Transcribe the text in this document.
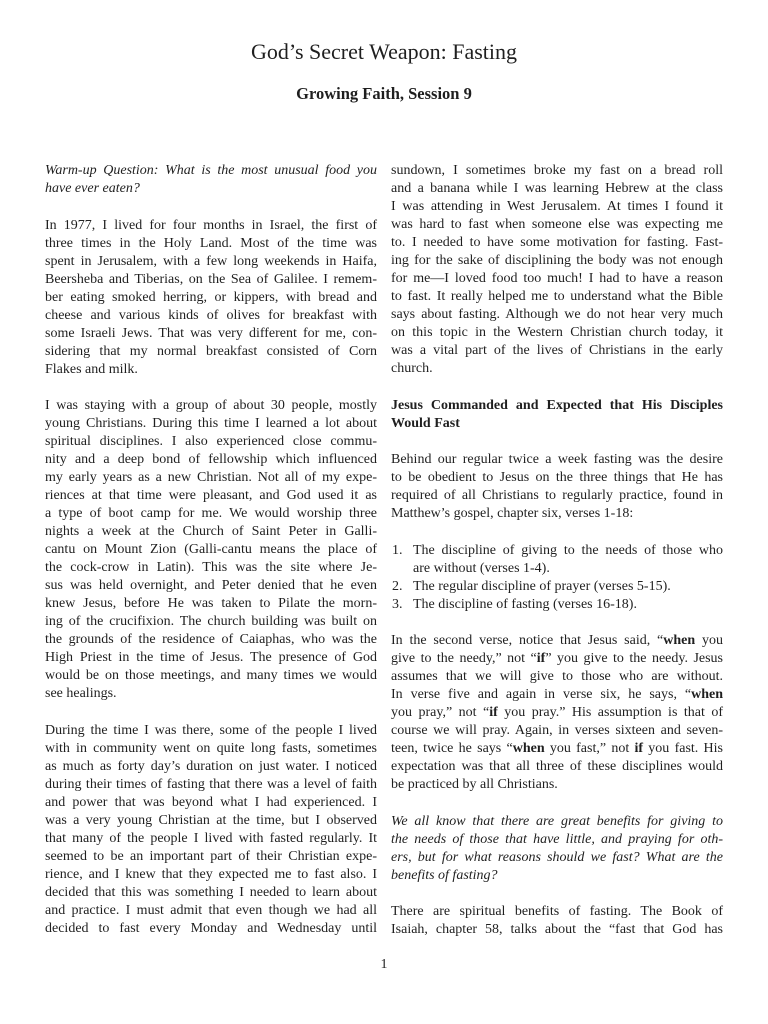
God’s Secret Weapon: Fasting

Growing Faith, Session 9

Warm-up Question: What is the most unusual food you
have ever eaten?
In 1977, I lived for four months in Israel, the first of
three times in the Holy Land. Most of the time was
spent in Jerusalem, with a few long weekends in Haifa,
Beersheba and Tiberias, on the Sea of Galilee. I remem-
ber eating smoked herring, or kippers, with bread and
cheese and various kinds of olives for breakfast with
some Israeli Jews. That was very different for me, con-
sidering that my normal breakfast consisted of Corn
Flakes and milk.
I was staying with a group of about 30 people, mostly
young Christians. During this time I learned a lot about
spiritual disciplines. I also experienced close commu-
nity and a deep bond of fellowship which influenced
my early years as a new Christian. Not all of my expe-
riences at that time were pleasant, and God used it as
a type of boot camp for me. We would worship three
nights a week at the Church of Saint Peter in Galli-
cantu on Mount Zion (Galli-cantu means the place of
the cock-crow in Latin). This was the site where Je-
sus was held overnight, and Peter denied that he even
knew Jesus, before He was taken to Pilate the morn-
ing of the crucifixion. The church building was built on
the grounds of the residence of Caiaphas, who was the
High Priest in the time of Jesus. The presence of God
would be on those meetings, and many times we would
see healings.
During the time I was there, some of the people I lived
with in community went on quite long fasts, sometimes
as much as forty day’s duration on just water. I noticed
during their times of fasting that there was a level of faith
and power that was beyond what I had experienced. I
was a very young Christian at the time, but I observed
that many of the people I lived with fasted regularly. It
seemed to be an important part of their Christian expe-
rience, and I knew that they expected me to fast also. I
decided that this was something I needed to learn about
and practice. I must admit that even though we had all
decided to fast every Monday and Wednesday until
sundown, I sometimes broke my fast on a bread roll
and a banana while I was learning Hebrew at the class
I was attending in West Jerusalem. At times I found it
was hard to fast when someone else was expecting me
to. I needed to have some motivation for fasting. Fast-
ing for the sake of disciplining the body was not enough
for me—I loved food too much! I had to have a reason
to fast. It really helped me to understand what the Bible
says about fasting. Although we do not hear very much
on this topic in the Western Christian church today, it
was a vital part of the lives of Christians in the early
church.
Jesus Commanded and Expected that His Disciples
Would Fast
Behind our regular twice a week fasting was the desire
to be obedient to Jesus on the three things that He has
required of all Christians to regularly practice, found in
Matthew’s gospel, chapter six, verses 1-18:
1. The discipline of giving to the needs of those who
are without (verses 1-4).
2. The regular discipline of prayer (verses 5-15).
3. The discipline of fasting (verses 16-18).
In the second verse, notice that Jesus said, “when you
give to the needy,” not “if” you give to the needy. Jesus
assumes that we will give to those who are without.
In verse five and again in verse six, he says, “when
you pray,” not “if you pray.” His assumption is that of
course we will pray. Again, in verses sixteen and seven-
teen, twice he says “when you fast,” not if you fast. His
expectation was that all three of these disciplines would
be practiced by all Christians.
We all know that there are great benefits for giving to
the needs of those that have little, and praying for oth-
ers, but for what reasons should we fast? What are the
benefits of fasting?
There are spiritual benefits of fasting. The Book of
Isaiah, chapter 58, talks about the “fast that God has
1
